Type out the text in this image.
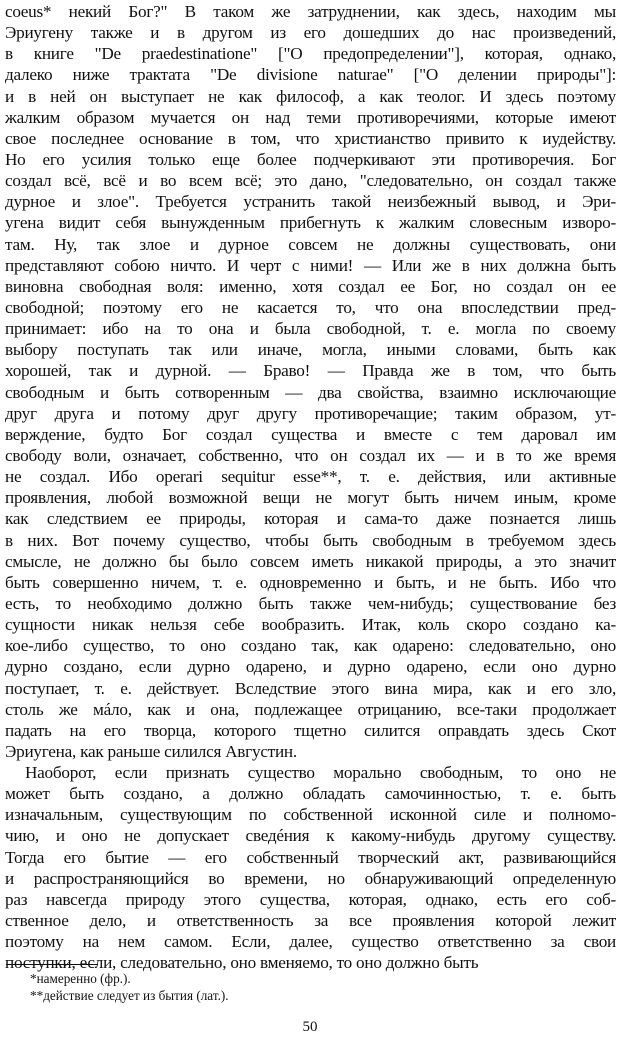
coeus* некий Бог?" В таком же затруднении, как здесь, находим мы
Эриугену также и в другом из его дошедших до нас произведений,
в книге "De praedestinatione" ["О предопределении"], которая, однако,
далеко ниже трактата "De divisione naturae" ["О делении природы"]:
и в ней он выступает не как философ, а как теолог. И здесь поэтому
жалким образом мучается он над теми противоречиями, которые имеют
свое последнее основание в том, что христианство привито к иудейству.
Но его усилия только еще более подчеркивают эти противоречия. Бог
создал всё, всё и во всем всё; это дано, "следовательно, он создал также
дурное и злое". Требуется устранить такой неизбежный вывод, и Эри-
угена видит себя вынужденным прибегнуть к жалким словесным изворо-
там. Ну, так злое и дурное совсем не должны существовать, они
представляют собою ничто. И черт с ними! — Или же в них должна быть
виновна свободная воля: именно, хотя создал ее Бог, но создал он ее
свободной; поэтому его не касается то, что она впоследствии пред-
принимает: ибо на то она и была свободной, т. е. могла по своему
выбору поступать так или иначе, могла, иными словами, быть как
хорошей, так и дурной. — Браво! — Правда же в том, что быть
свободным и быть сотворенным — два свойства, взаимно исключающие
друг друга и потому друг другу противоречащие; таким образом, ут-
верждение, будто Бог создал существа и вместе с тем даровал им
свободу воли, означает, собственно, что он создал их — и в то же время
не создал. Ибо operari sequitur esse**, т. е. действия, или активные
проявления, любой возможной вещи не могут быть ничем иным, кроме
как следствием ее природы, которая и сама-то даже познается лишь
в них. Вот почему существо, чтобы быть свободным в требуемом здесь
смысле, не должно бы было совсем иметь никакой природы, а это значит
быть совершенно ничем, т. е. одновременно и быть, и не быть. Ибо что
есть, то необходимо должно быть также чем-нибудь; существование без
сущности никак нельзя себе вообразить. Итак, коль скоро создано ка-
кое-либо существо, то оно создано так, как одарено: следовательно, оно
дурно создано, если дурно одарено, и дурно одарено, если оно дурно
поступает, т. е. действует. Вследствие этого вина мира, как и его зло,
столь же мáло, как и она, подлежащее отрицанию, все-таки продолжает
падать на его творца, которого тщетно силится оправдать здесь Скот
Эриугена, как раньше силился Августин.
Наоборот, если признать существо морально свободным, то оно не
может быть создано, а должно обладать самочинностью, т. е. быть
изначальным, существующим по собственной исконной силе и полномо-
чию, и оно не допускает сведéния к какому-нибудь другому существу.
Тогда его бытие — его собственный творческий акт, развивающийся
и распространяющийся во времени, но обнаруживающий определенную
раз навсегда природу этого существа, которая, однако, есть его соб-
ственное дело, и ответственность за все проявления которой лежит
поэтому на нем самом. Если, далее, существо ответственно за свои
поступки, если, следовательно, оно вменяемо, то оно должно быть
*намеренно (фр.).
**действие следует из бытия (лат.).
50
